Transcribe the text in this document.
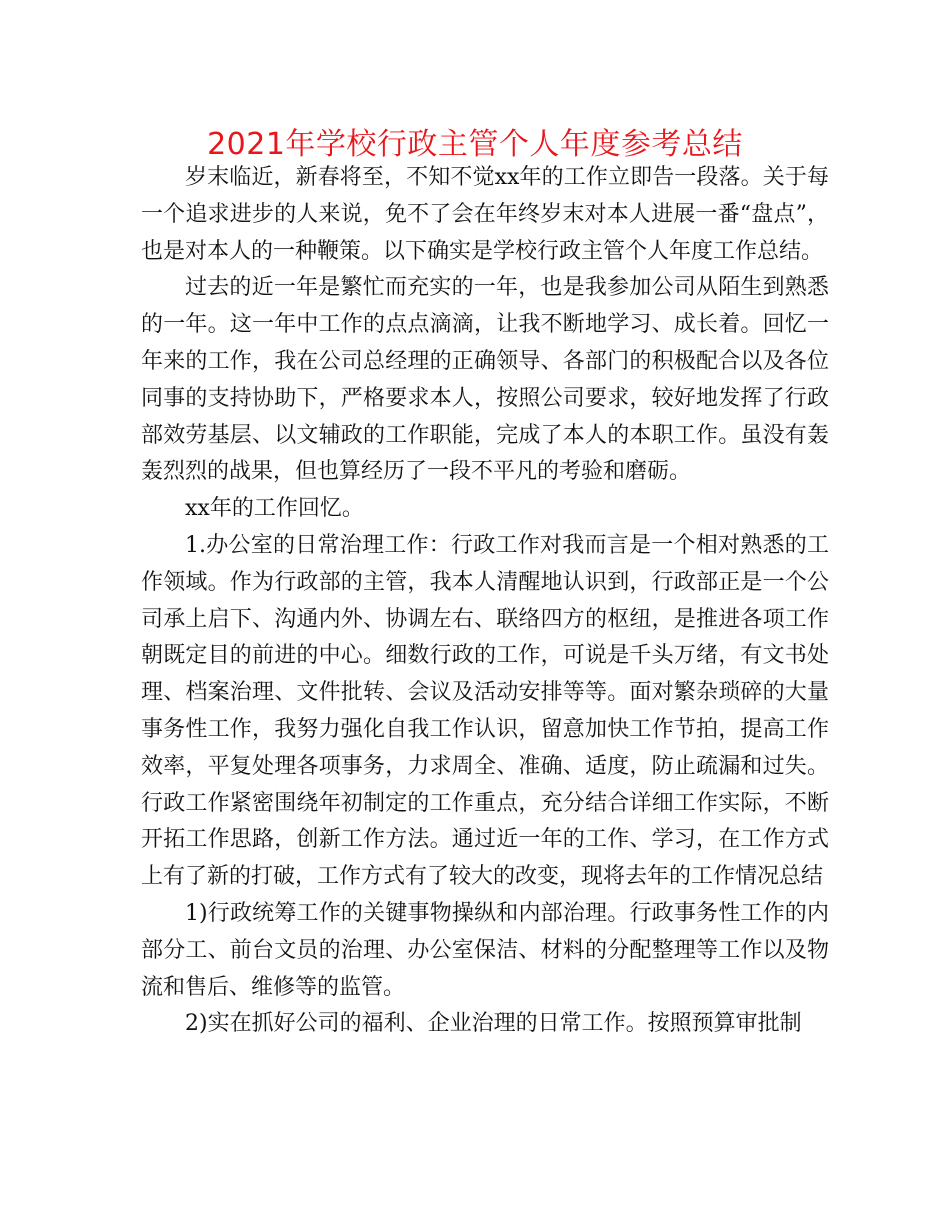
2021年学校行政主管个人年度参考总结

岁末临近，新春将至，不知不觉xx年的工作立即告一段落。关于每一个追求进步的人来说，免不了会在年终岁末对本人进展一番“盘点”，也是对本人的一种鞭策。以下确实是学校行政主管个人年度工作总结。

过去的近一年是繁忙而充实的一年，也是我参加公司从陌生到熟悉的一年。这一年中工作的点点滴滴，让我不断地学习、成长着。回忆一年来的工作，我在公司总经理的正确领导、各部门的积极配合以及各位同事的支持协助下，严格要求本人，按照公司要求，较好地发挥了行政部效劳基层、以文辅政的工作职能，完成了本人的本职工作。虽没有轰轰烈烈的战果，但也算经历了一段不平凡的考验和磨砺。

xx年的工作回忆。

1.办公室的日常治理工作：行政工作对我而言是一个相对熟悉的工作领域。作为行政部的主管，我本人清醒地认识到，行政部正是一个公司承上启下、沟通内外、协调左右、联络四方的枢纽，是推进各项工作朝既定目的前进的中心。细数行政的工作，可说是千头万绪，有文书处理、档案治理、文件批转、会议及活动安排等等。面对繁杂琐碎的大量事务性工作，我努力强化自我工作认识，留意加快工作节拍，提高工作效率，平复处理各项事务，力求周全、准确、适度，防止疏漏和过失。行政工作紧密围绕年初制定的工作重点，充分结合详细工作实际，不断开拓工作思路，创新工作方法。通过近一年的工作、学习，在工作方式上有了新的打破，工作方式有了较大的改变，现将去年的工作情况总结

1)行政统筹工作的关键事物操纵和内部治理。行政事务性工作的内部分工、前台文员的治理、办公室保洁、材料的分配整理等工作以及物流和售后、维修等的监管。

2)实在抓好公司的福利、企业治理的日常工作。按照预算审批制
